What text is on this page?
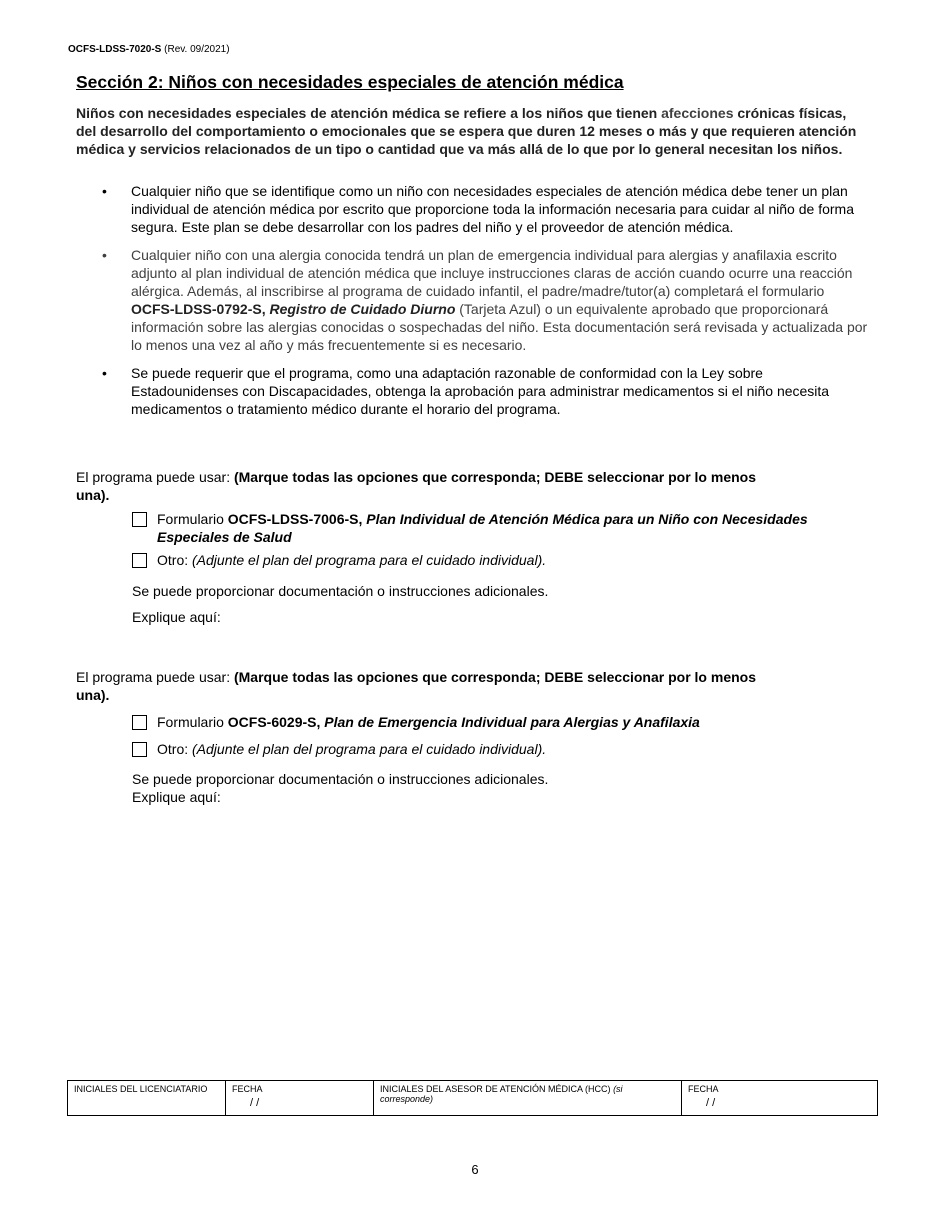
OCFS-LDSS-7020-S (Rev. 09/2021)
Sección 2: Niños con necesidades especiales de atención médica
Niños con necesidades especiales de atención médica se refiere a los niños que tienen afecciones crónicas físicas, del desarrollo del comportamiento o emocionales que se espera que duren 12 meses o más y que requieren atención médica y servicios relacionados de un tipo o cantidad que va más allá de lo que por lo general necesitan los niños.
• Cualquier niño que se identifique como un niño con necesidades especiales de atención médica debe tener un plan individual de atención médica por escrito que proporcione toda la información necesaria para cuidar al niño de forma segura. Este plan se debe desarrollar con los padres del niño y el proveedor de atención médica.
• Cualquier niño con una alergia conocida tendrá un plan de emergencia individual para alergias y anafilaxia escrito adjunto al plan individual de atención médica que incluye instrucciones claras de acción cuando ocurre una reacción alérgica. Además, al inscribirse al programa de cuidado infantil, el padre/madre/tutor(a) completará el formulario OCFS-LDSS-0792-S, Registro de Cuidado Diurno (Tarjeta Azul) o un equivalente aprobado que proporcionará información sobre las alergias conocidas o sospechadas del niño. Esta documentación será revisada y actualizada por lo menos una vez al año y más frecuentemente si es necesario.
• Se puede requerir que el programa, como una adaptación razonable de conformidad con la Ley sobre Estadounidenses con Discapacidades, obtenga la aprobación para administrar medicamentos si el niño necesita medicamentos o tratamiento médico durante el horario del programa.
El programa puede usar: (Marque todas las opciones que corresponda; DEBE seleccionar por lo menos una).
Formulario OCFS-LDSS-7006-S, Plan Individual de Atención Médica para un Niño con Necesidades Especiales de Salud
Otro: (Adjunte el plan del programa para el cuidado individual).
Se puede proporcionar documentación o instrucciones adicionales.
Explique aquí:
El programa puede usar: (Marque todas las opciones que corresponda; DEBE seleccionar por lo menos una).
Formulario OCFS-6029-S, Plan de Emergencia Individual para Alergias y Anafilaxia
Otro: (Adjunte el plan del programa para el cuidado individual).
Se puede proporcionar documentación o instrucciones adicionales.
Explique aquí:
INICIALES DEL LICENCIATARIO	FECHA
/ /
INICIALES DEL ASESOR DE ATENCIÓN MÉDICA (HCC) (si corresponde)
FECHA
/ /
6
